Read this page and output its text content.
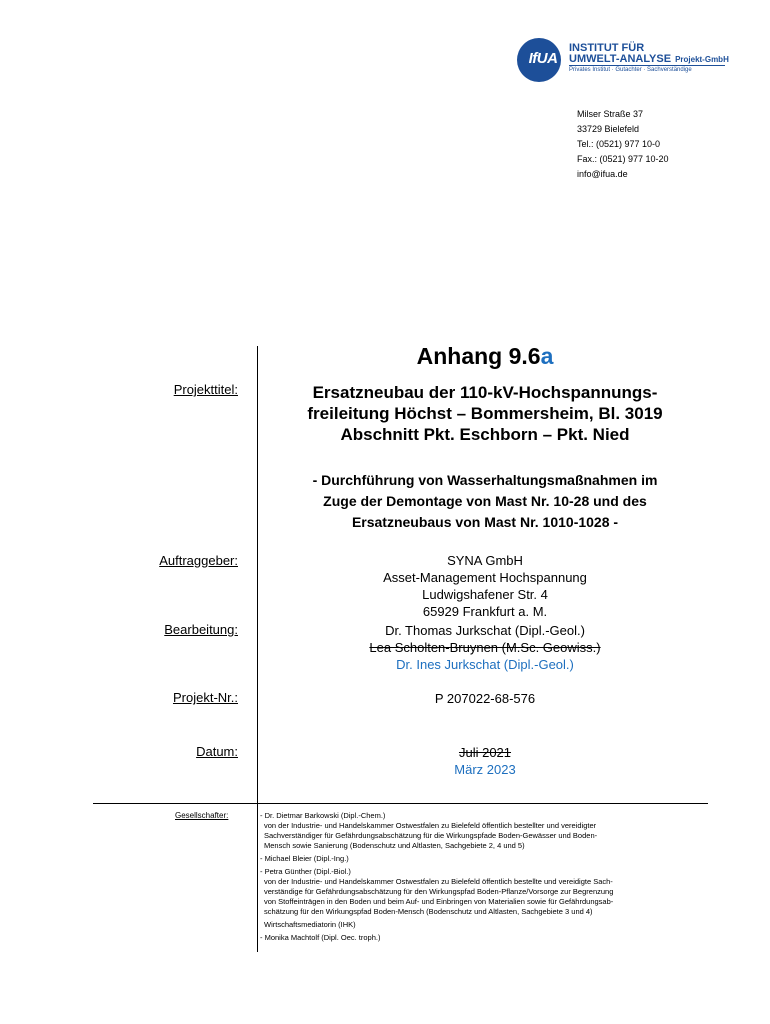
IfUA
INSTITUT FÜR
UMWELT-ANALYSE Projekt-GmbH
Privates Institut · Gutachter · Sachverständige
Milser Straße 37
33729 Bielefeld
Tel.: (0521) 977 10-0
Fax.: (0521) 977 10-20
info@ifua.de
Anhang 9.6a
Projekttitel:	Ersatzneubau der 110-kV-Hochspannungs-
freileitung Höchst – Bommersheim, Bl. 3019
Abschnitt Pkt. Eschborn – Pkt. Nied
- Durchführung von Wasserhaltungsmaßnahmen im
Zuge der Demontage von Mast Nr. 10-28 und des
Ersatzneubaus von Mast Nr. 1010-1028 -
Auftraggeber:	SYNA GmbH
Asset-Management Hochspannung
Ludwigshafener Str. 4
65929 Frankfurt a. M.
Bearbeitung:	Dr. Thomas Jurkschat (Dipl.-Geol.)
Lea Scholten-Bruynen (M.Sc. Geowiss.)
Dr. Ines Jurkschat (Dipl.-Geol.)
Projekt-Nr.:	P 207022-68-576
Datum:	Juli 2021
März 2023
Gesellschafter:	- Dr. Dietmar Barkowski (Dipl.-Chem.)
von der Industrie- und Handelskammer Ostwestfalen zu Bielefeld öffentlich bestellter und vereidigter
Sachverständiger für Gefährdungsabschätzung für die Wirkungspfade Boden-Gewässer und Boden-
Mensch sowie Sanierung (Bodenschutz und Altlasten, Sachgebiete 2, 4 und 5)
- Michael Bleier (Dipl.-Ing.)
- Petra Günther (Dipl.-Biol.)
von der Industrie- und Handelskammer Ostwestfalen zu Bielefeld öffentlich bestellte und vereidigte Sach-
verständige für Gefährdungsabschätzung für den Wirkungspfad Boden-Pflanze/Vorsorge zur Begrenzung
von Stoffeinträgen in den Boden und beim Auf- und Einbringen von Materialien sowie für Gefährdungsab-
schätzung für den Wirkungspfad Boden-Mensch (Bodenschutz und Altlasten, Sachgebiete 3 und 4)
Wirtschaftsmediatorin (IHK)
- Monika Machtolf (Dipl. Oec. troph.)
